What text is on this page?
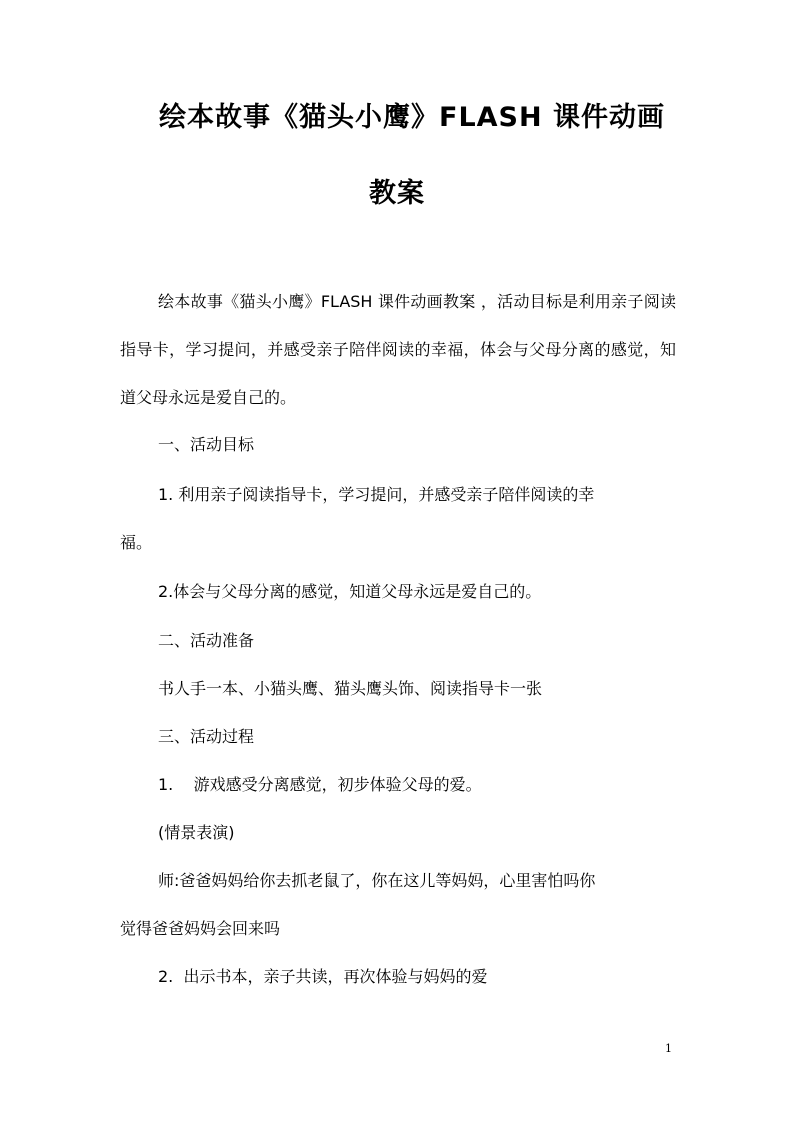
绘本故事《猫头小鹰》FLASH 课件动画
教案

绘本故事《猫头小鹰》FLASH 课件动画教案 ，活动目标是利用亲子阅读指导卡，学习提问，并感受亲子陪伴阅读的幸福，体会与父母分离的感觉，知道父母永远是爱自己的。

一、活动目标
1. 利用亲子阅读指导卡，学习提问，并感受亲子陪伴阅读的幸
福。
2.体会与父母分离的感觉，知道父母永远是爱自己的。
二、活动准备
书人手一本、小猫头鹰、猫头鹰头饰、阅读指导卡一张
三、活动过程
1.    游戏感受分离感觉，初步体验父母的爱。
(情景表演)
师:爸爸妈妈给你去抓老鼠了，你在这儿等妈妈，心里害怕吗你
觉得爸爸妈妈会回来吗
2.  出示书本，亲子共读，再次体验与妈妈的爱
1
